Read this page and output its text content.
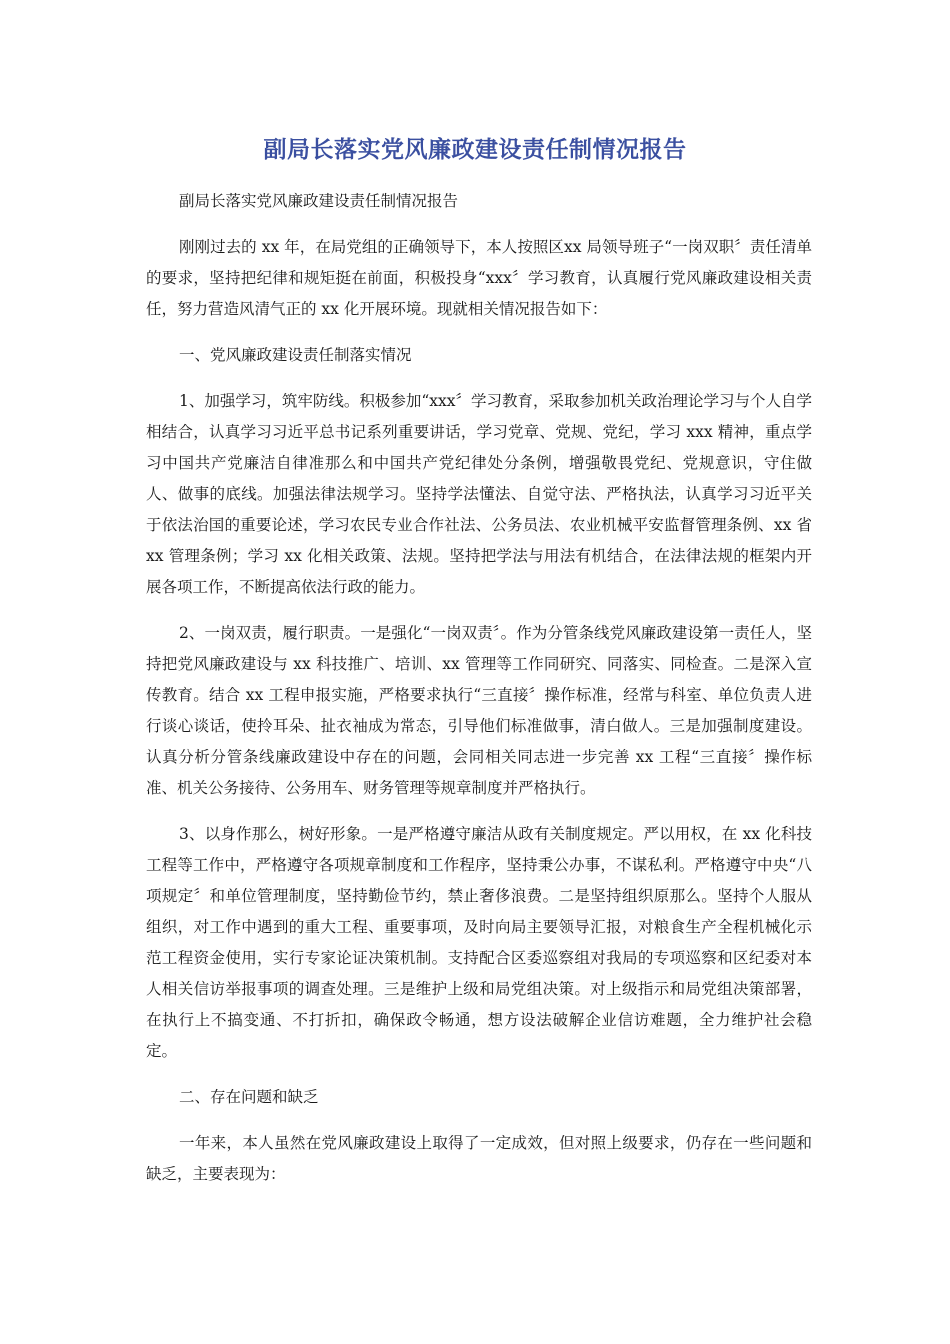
副局长落实党风廉政建设责任制情况报告

副局长落实党风廉政建设责任制情况报告

刚刚过去的 xx 年，在局党组的正确领导下，本人按照区xx 局领导班子“一岗双职〞责任清单的要求，坚持把纪律和规矩挺在前面，积极投身“xxx〞学习教育，认真履行党风廉政建设相关责任，努力营造风清气正的 xx 化开展环境。现就相关情况报告如下：

一、党风廉政建设责任制落实情况

1、加强学习，筑牢防线。积极参加“xxx〞学习教育，采取参加机关政治理论学习与个人自学相结合，认真学习习近平总书记系列重要讲话，学习党章、党规、党纪，学习 xxx 精神，重点学习中国共产党廉洁自律准那么和中国共产党纪律处分条例，增强敬畏党纪、党规意识，守住做人、做事的底线。加强法律法规学习。坚持学法懂法、自觉守法、严格执法，认真学习习近平关于依法治国的重要论述，学习农民专业合作社法、公务员法、农业机械平安监督管理条例、xx 省 xx 管理条例；学习 xx 化相关政策、法规。坚持把学法与用法有机结合，在法律法规的框架内开展各项工作，不断提高依法行政的能力。

2、一岗双责，履行职责。一是强化“一岗双责〞。作为分管条线党风廉政建设第一责任人，坚持把党风廉政建设与 xx 科技推广、培训、xx 管理等工作同研究、同落实、同检查。二是深入宣传教育。结合 xx 工程申报实施，严格要求执行“三直接〞操作标准，经常与科室、单位负责人进行谈心谈话，使拎耳朵、扯衣袖成为常态，引导他们标准做事，清白做人。三是加强制度建设。认真分析分管条线廉政建设中存在的问题，会同相关同志进一步完善 xx 工程“三直接〞操作标准、机关公务接待、公务用车、财务管理等规章制度并严格执行。

3、以身作那么，树好形象。一是严格遵守廉洁从政有关制度规定。严以用权，在 xx 化科技工程等工作中，严格遵守各项规章制度和工作程序，坚持秉公办事，不谋私利。严格遵守中央“八项规定〞和单位管理制度，坚持勤俭节约，禁止奢侈浪费。二是坚持组织原那么。坚持个人服从组织，对工作中遇到的重大工程、重要事项，及时向局主要领导汇报，对粮食生产全程机械化示范工程资金使用，实行专家论证决策机制。支持配合区委巡察组对我局的专项巡察和区纪委对本人相关信访举报事项的调查处理。三是维护上级和局党组决策。对上级指示和局党组决策部署，在执行上不搞变通、不打折扣，确保政令畅通，想方设法破解企业信访难题，全力维护社会稳定。

二、存在问题和缺乏

一年来，本人虽然在党风廉政建设上取得了一定成效，但对照上级要求，仍存在一些问题和缺乏，主要表现为：
